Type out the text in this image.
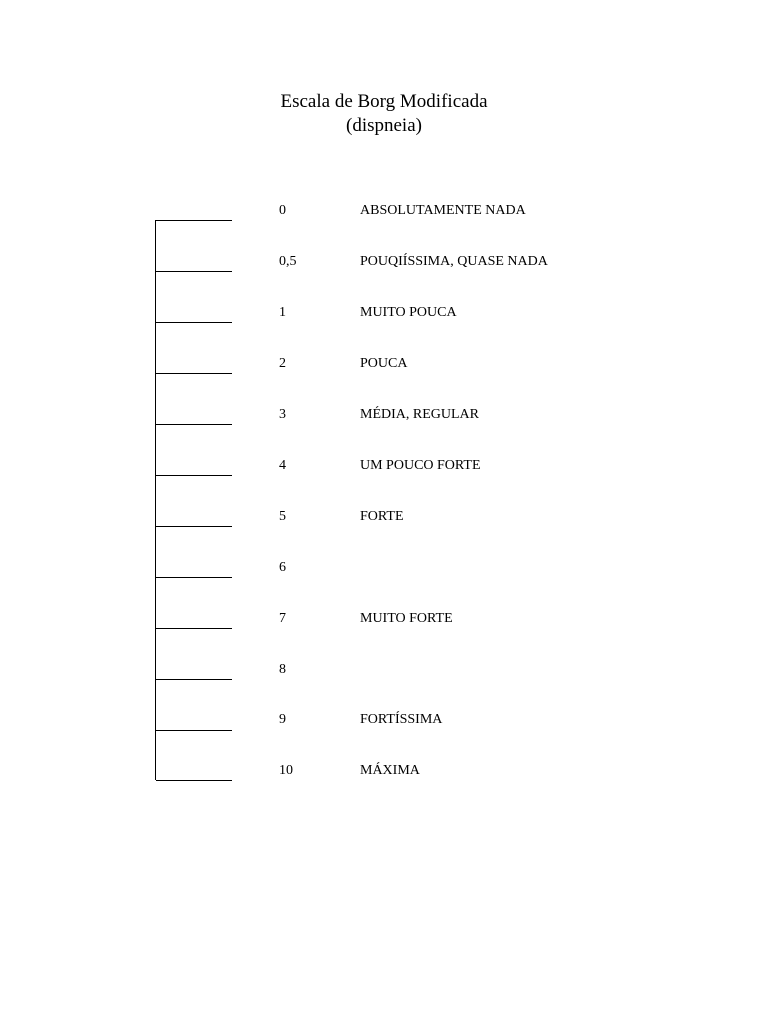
Escala de Borg Modificada

(dispneia)

0	ABSOLUTAMENTE NADA
0,5	POUQIÍSSIMA, QUASE NADA
1	MUITO POUCA
2	POUCA
3	MÉDIA, REGULAR
4	UM POUCO FORTE
5	FORTE
6
7	MUITO FORTE
8
9	FORTÍSSIMA
10	MÁXIMA
